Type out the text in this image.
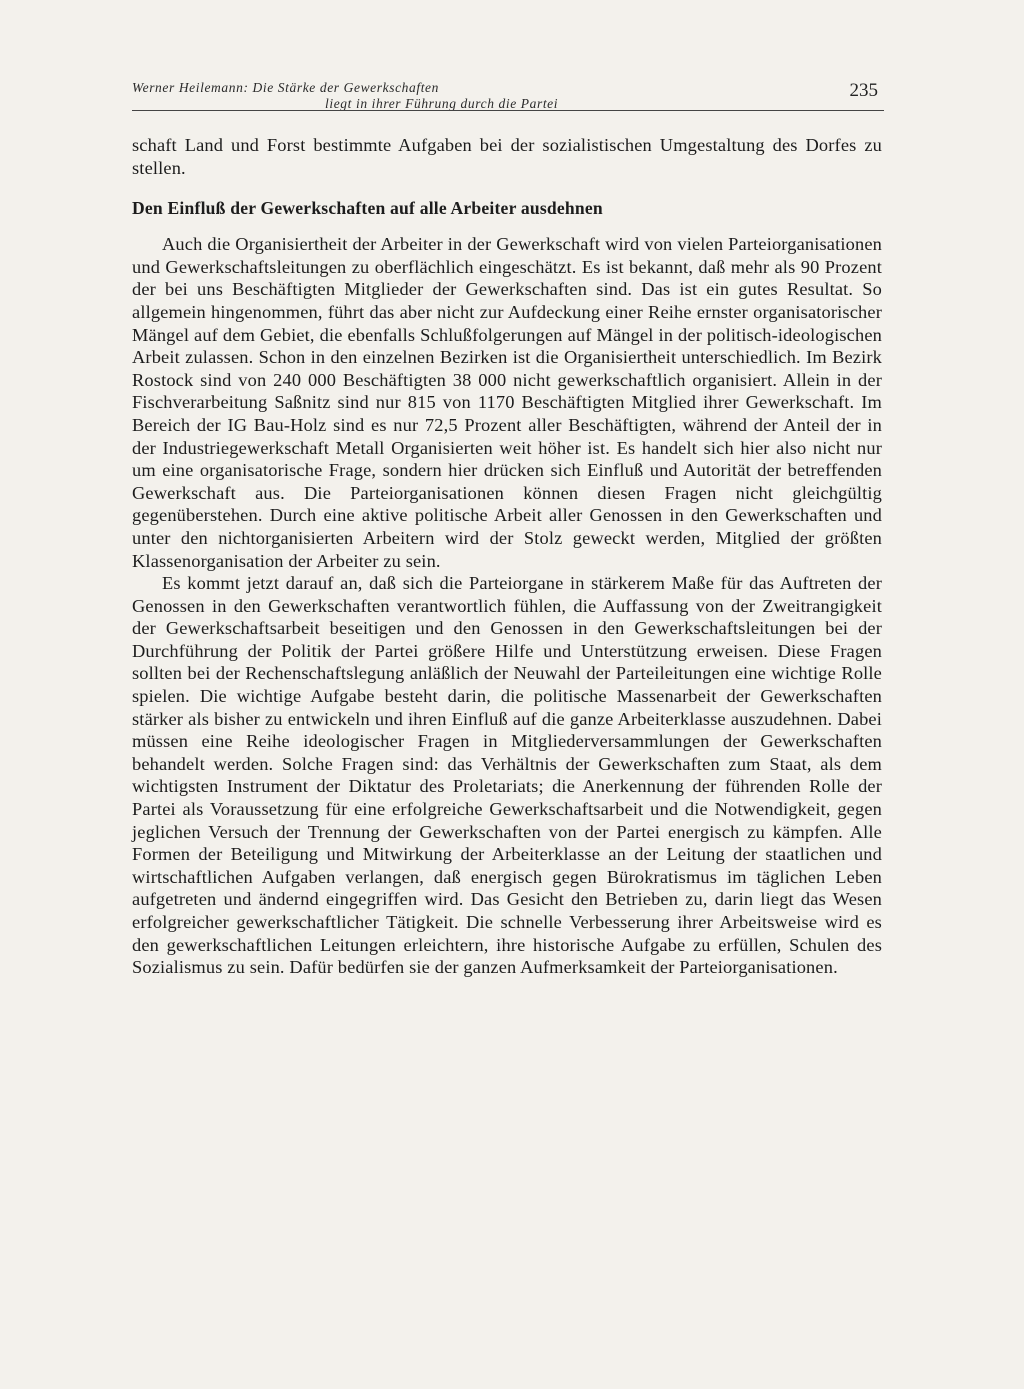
Werner Heilemann: Die Stärke der Gewerkschaften
liegt in ihrer Führung durch die Partei
235

schaft Land und Forst bestimmte Aufgaben bei der sozialistischen Umgestaltung des Dorfes zu stellen.

Den Einfluß der Gewerkschaften auf alle Arbeiter ausdehnen

Auch die Organisiertheit der Arbeiter in der Gewerkschaft wird von vielen Parteiorganisationen und Gewerkschaftsleitungen zu oberflächlich eingeschätzt. Es ist bekannt, daß mehr als 90 Prozent der bei uns Beschäftigten Mitglieder der Gewerkschaften sind. Das ist ein gutes Resultat. So allgemein hingenommen, führt das aber nicht zur Aufdeckung einer Reihe ernster organisatorischer Mängel auf dem Gebiet, die ebenfalls Schlußfolgerungen auf Mängel in der politisch-ideologischen Arbeit zulassen. Schon in den einzelnen Bezirken ist die Organisiertheit unterschiedlich. Im Bezirk Rostock sind von 240 000 Beschäftigten 38 000 nicht gewerkschaftlich organisiert. Allein in der Fischverarbeitung Saßnitz sind nur 815 von 1170 Beschäftigten Mitglied ihrer Gewerkschaft. Im Bereich der IG Bau-Holz sind es nur 72,5 Prozent aller Beschäftigten, während der Anteil der in der Industriegewerkschaft Metall Organisierten weit höher ist. Es handelt sich hier also nicht nur um eine organisatorische Frage, sondern hier drücken sich Einfluß und Autorität der betreffenden Gewerkschaft aus. Die Parteiorganisationen können diesen Fragen nicht gleichgültig gegenüberstehen. Durch eine aktive politische Arbeit aller Genossen in den Gewerkschaften und unter den nichtorganisierten Arbeitern wird der Stolz geweckt werden, Mitglied der größten Klassenorganisation der Arbeiter zu sein.

Es kommt jetzt darauf an, daß sich die Parteiorgane in stärkerem Maße für das Auftreten der Genossen in den Gewerkschaften verantwortlich fühlen, die Auffassung von der Zweitrangigkeit der Gewerkschaftsarbeit beseitigen und den Genossen in den Gewerkschaftsleitungen bei der Durchführung der Politik der Partei größere Hilfe und Unterstützung erweisen. Diese Fragen sollten bei der Rechenschaftslegung anläßlich der Neuwahl der Parteileitungen eine wichtige Rolle spielen. Die wichtige Aufgabe besteht darin, die politische Massenarbeit der Gewerkschaften stärker als bisher zu entwickeln und ihren Einfluß auf die ganze Arbeiterklasse auszudehnen. Dabei müssen eine Reihe ideologischer Fragen in Mitgliederversammlungen der Gewerkschaften behandelt werden. Solche Fragen sind: das Verhältnis der Gewerkschaften zum Staat, als dem wichtigsten Instrument der Diktatur des Proletariats; die Anerkennung der führenden Rolle der Partei als Voraussetzung für eine erfolgreiche Gewerkschaftsarbeit und die Notwendigkeit, gegen jeglichen Versuch der Trennung der Gewerkschaften von der Partei energisch zu kämpfen. Alle Formen der Beteiligung und Mitwirkung der Arbeiterklasse an der Leitung der staatlichen und wirtschaftlichen Aufgaben verlangen, daß energisch gegen Bürokratismus im täglichen Leben aufgetreten und ändernd eingegriffen wird. Das Gesicht den Betrieben zu, darin liegt das Wesen erfolgreicher gewerkschaftlicher Tätigkeit. Die schnelle Verbesserung ihrer Arbeitsweise wird es den gewerkschaftlichen Leitungen erleichtern, ihre historische Aufgabe zu erfüllen, Schulen des Sozialismus zu sein. Dafür bedürfen sie der ganzen Aufmerksamkeit der Parteiorganisationen.
